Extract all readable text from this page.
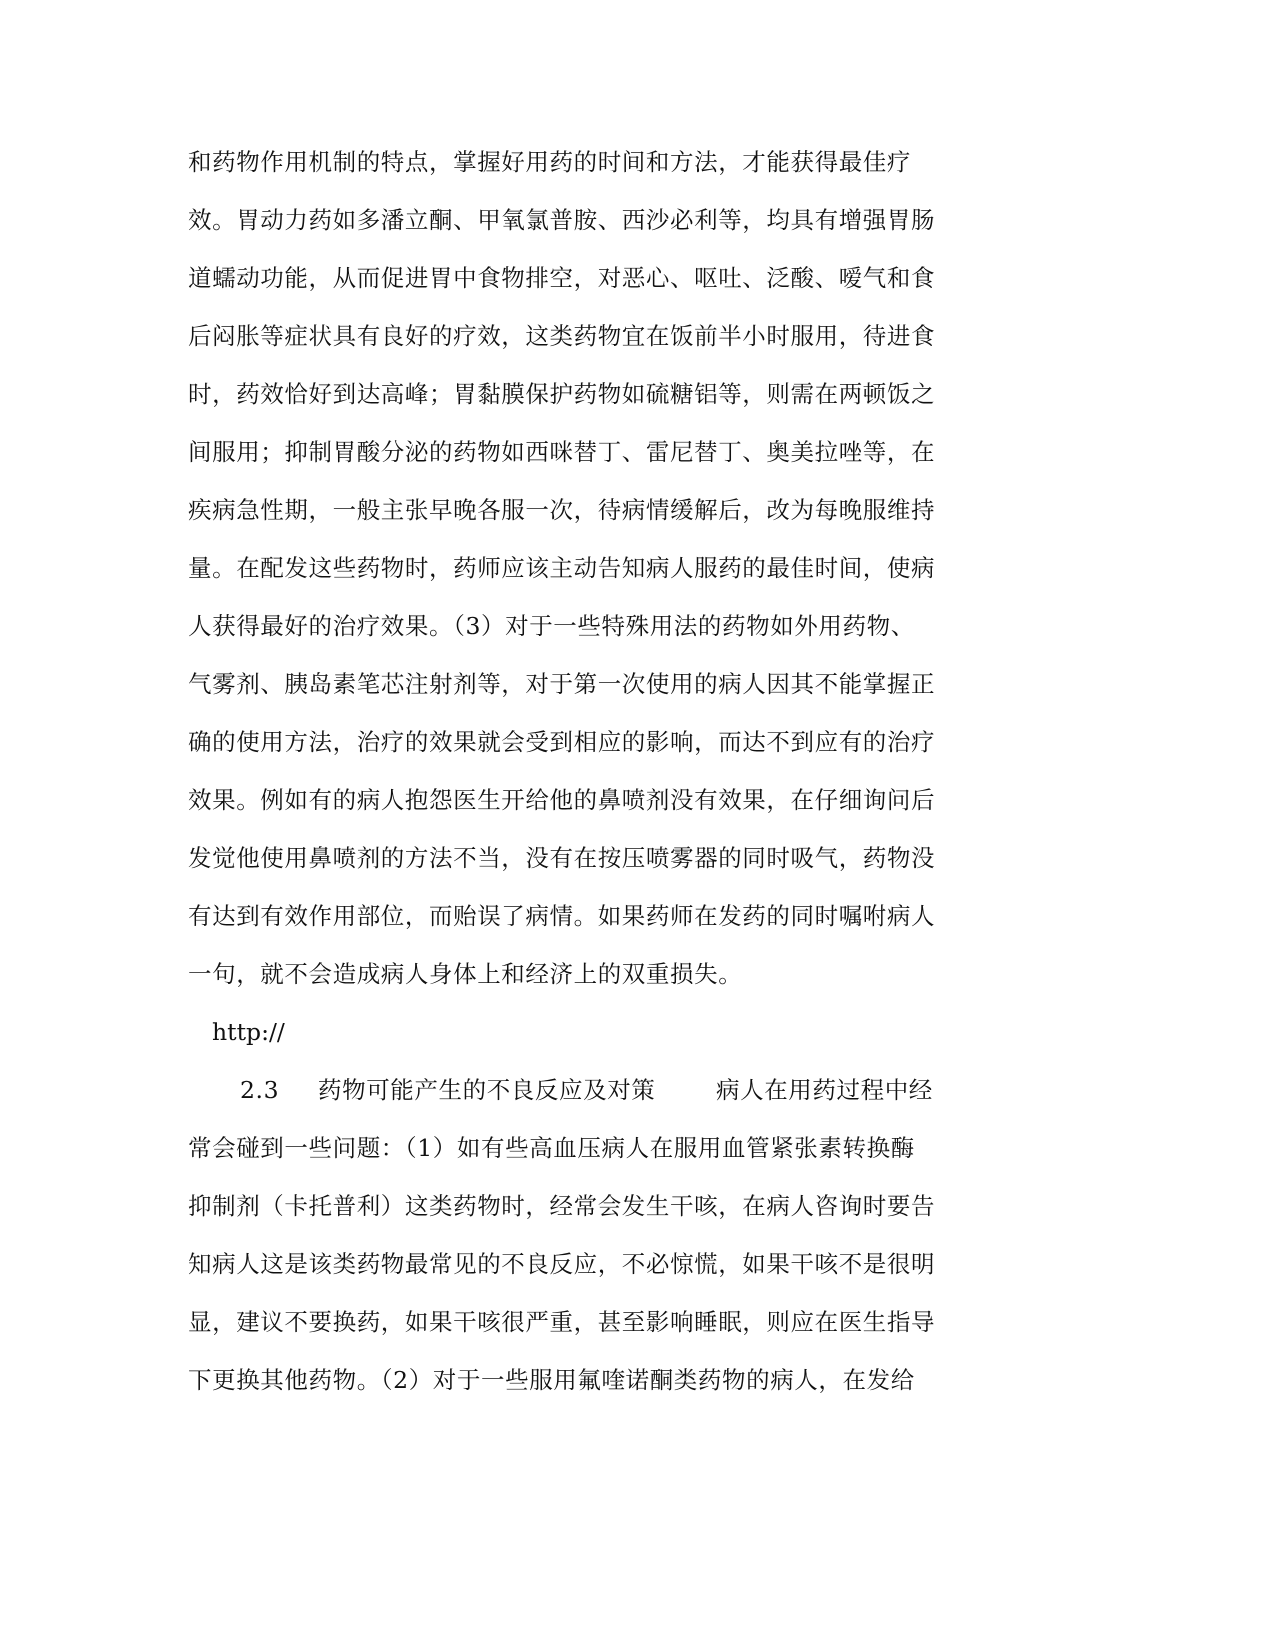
和药物作用机制的特点，掌握好用药的时间和方法，才能获得最佳疗
效。胃动力药如多潘立酮、甲氧氯普胺、西沙必利等，均具有增强胃肠
道蠕动功能，从而促进胃中食物排空，对恶心、呕吐、泛酸、嗳气和食
后闷胀等症状具有良好的疗效，这类药物宜在饭前半小时服用，待进食
时，药效恰好到达高峰；胃黏膜保护药物如硫糖铝等，则需在两顿饭之
间服用；抑制胃酸分泌的药物如西咪替丁、雷尼替丁、奥美拉唑等，在
疾病急性期，一般主张早晚各服一次，待病情缓解后，改为每晚服维持
量。在配发这些药物时，药师应该主动告知病人服药的最佳时间，使病
人获得最好的治疗效果。（3）对于一些特殊用法的药物如外用药物、
气雾剂、胰岛素笔芯注射剂等，对于第一次使用的病人因其不能掌握正
确的使用方法，治疗的效果就会受到相应的影响，而达不到应有的治疗
效果。例如有的病人抱怨医生开给他的鼻喷剂没有效果，在仔细询问后
发觉他使用鼻喷剂的方法不当，没有在按压喷雾器的同时吸气，药物没
有达到有效作用部位，而贻误了病情。如果药师在发药的同时嘱咐病人
一句，就不会造成病人身体上和经济上的双重损失。
http://
2.3 药物可能产生的不良反应及对策	病人在用药过程中经
常会碰到一些问题：（1）如有些高血压病人在服用血管紧张素转换酶
抑制剂（卡托普利）这类药物时，经常会发生干咳，在病人咨询时要告
知病人这是该类药物最常见的不良反应，不必惊慌，如果干咳不是很明
显，建议不要换药，如果干咳很严重，甚至影响睡眠，则应在医生指导
下更换其他药物。（2）对于一些服用氟喹诺酮类药物的病人，在发给
